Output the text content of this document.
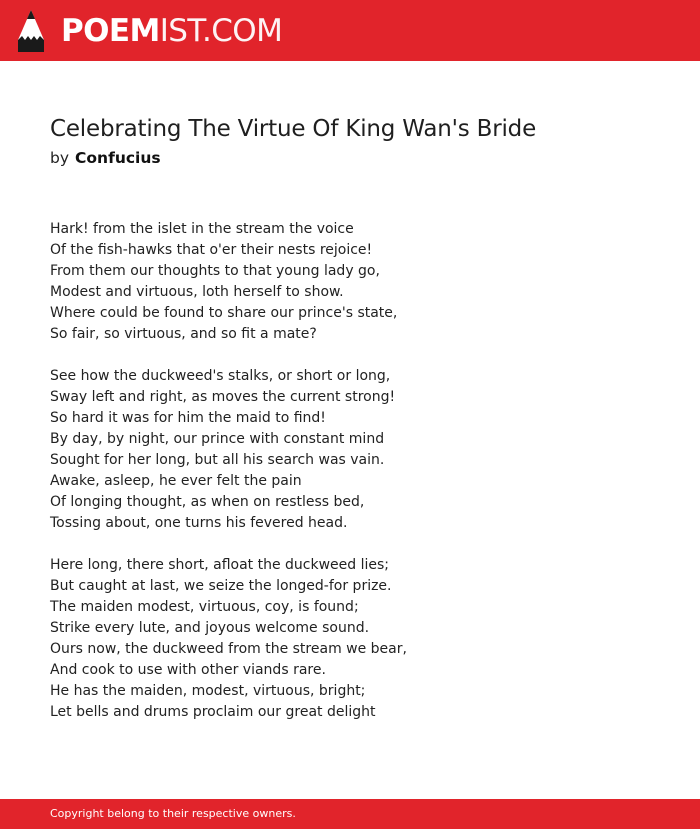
POEMIST.COM
Celebrating The Virtue Of King Wan's Bride
by Confucius
Hark! from the islet in the stream the voice
Of the fish-hawks that o'er their nests rejoice!
From them our thoughts to that young lady go,
Modest and virtuous, loth herself to show.
Where could be found to share our prince's state,
So fair, so virtuous, and so fit a mate?
See how the duckweed's stalks, or short or long,
Sway left and right, as moves the current strong!
So hard it was for him the maid to find!
By day, by night, our prince with constant mind
Sought for her long, but all his search was vain.
Awake, asleep, he ever felt the pain
Of longing thought, as when on restless bed,
Tossing about, one turns his fevered head.
Here long, there short, afloat the duckweed lies;
But caught at last, we seize the longed-for prize.
The maiden modest, virtuous, coy, is found;
Strike every lute, and joyous welcome sound.
Ours now, the duckweed from the stream we bear,
And cook to use with other viands rare.
He has the maiden, modest, virtuous, bright;
Let bells and drums proclaim our great delight
Copyright belong to their respective owners.
